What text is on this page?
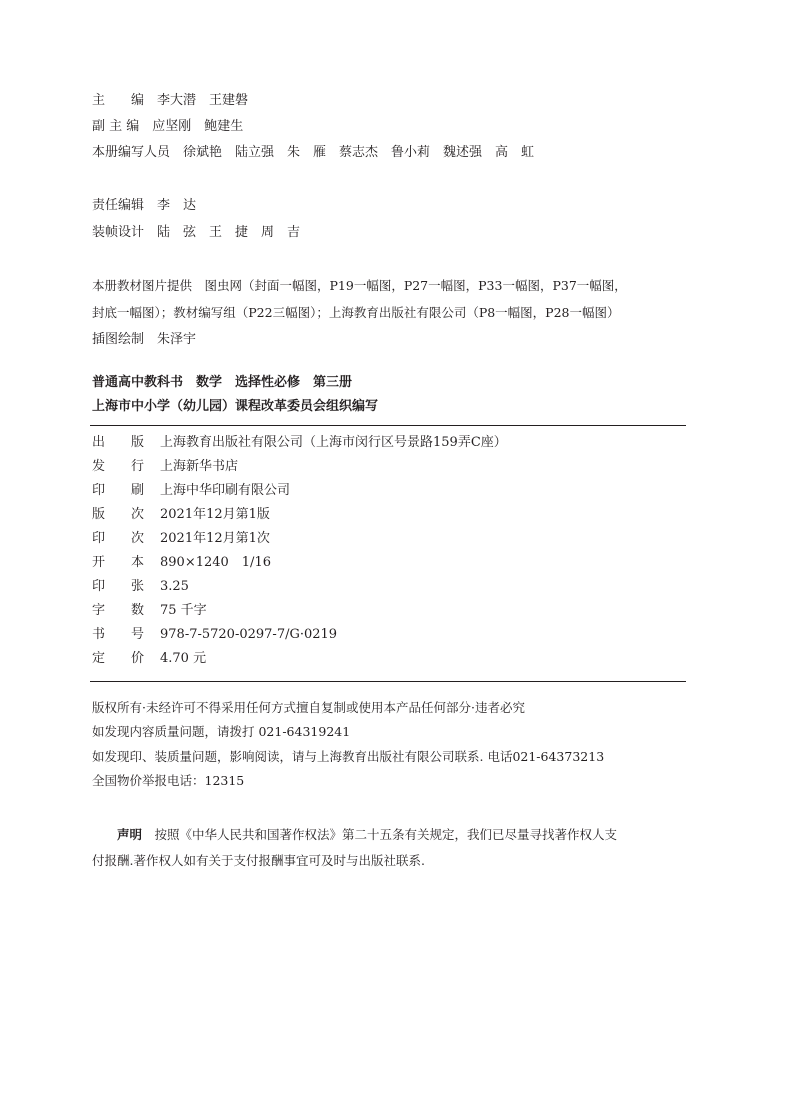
主　　编　李大潜　王建磐
副 主 编　应坚刚　鲍建生
本册编写人员　徐斌艳　陆立强　朱　雁　蔡志杰　鲁小莉　魏述强　高　虹
责任编辑　李　达
装帧设计　陆　弦　王　捷　周　吉
本册教材图片提供　图虫网（封面一幅图，P19一幅图，P27一幅图，P33一幅图，P37一幅图，
封底一幅图）；教材编写组（P22三幅图）；上海教育出版社有限公司（P8一幅图，P28一幅图）
插图绘制　朱泽宇
普通高中教科书　数学　选择性必修　第三册
上海市中小学（幼儿园）课程改革委员会组织编写
出　　版 上海教育出版社有限公司（上海市闵行区号景路159弄C座）
发　　行 上海新华书店
印　　刷 上海中华印刷有限公司
版　　次 2021年12月第1版
印　　次 2021年12月第1次
开　　本 890×1240　1/16
印　　张 3.25
字　　数 75 千字
书　　号 978-7-5720-0297-7/G·0219
定　　价 4.70 元
版权所有·未经许可不得采用任何方式擅自复制或使用本产品任何部分·违者必究
如发现内容质量问题，请拨打 021-64319241
如发现印、装质量问题，影响阅读，请与上海教育出版社有限公司联系. 电话021-64373213
全国物价举报电话：12315
声明　按照《中华人民共和国著作权法》第二十五条有关规定，我们已尽量寻找著作权人支
付报酬.著作权人如有关于支付报酬事宜可及时与出版社联系.
